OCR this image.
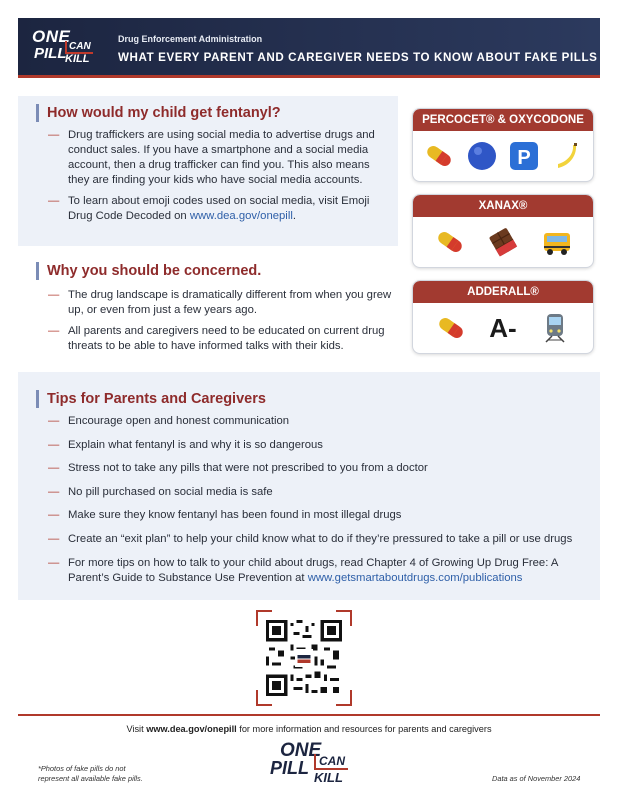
ONE
PILL CAN
KILL
Drug Enforcement Administration
WHAT EVERY PARENT AND CAREGIVER NEEDS TO KNOW ABOUT FAKE PILLS
How would my child get fentanyl?
— Drug traffickers are using social media to advertise drugs and conduct sales. If you have a smartphone and a social media account, then a drug trafficker can find you. This also means they are finding your kids who have social media accounts.
— To learn about emoji codes used on social media, visit Emoji Drug Code Decoded on www.dea.gov/onepill.
Why you should be concerned.
— The drug landscape is dramatically different from when you grew up, or even from just a few years ago.
— All parents and caregivers need to be educated on current drug threats to be able to have informed talks with their kids.
PERCOCET® & OXYCODONE
P
XANAX®
ADDERALL®
A-
Tips for Parents and Caregivers
— Encourage open and honest communication
— Explain what fentanyl is and why it is so dangerous
— Stress not to take any pills that were not prescribed to you from a doctor
— No pill purchased on social media is safe
— Make sure they know fentanyl has been found in most illegal drugs
— Create an “exit plan” to help your child know what to do if they’re pressured to take a pill or use drugs
— For more tips on how to talk to your child about drugs, read Chapter 4 of Growing Up Drug Free: A Parent’s Guide to Substance Use Prevention at www.getsmartaboutdrugs.com/publications
Visit www.dea.gov/onepill for more information and resources for parents and caregivers
*Photos of fake pills do not represent all available fake pills.
ONE
PILL CAN
KILL	Data as of November 2024
